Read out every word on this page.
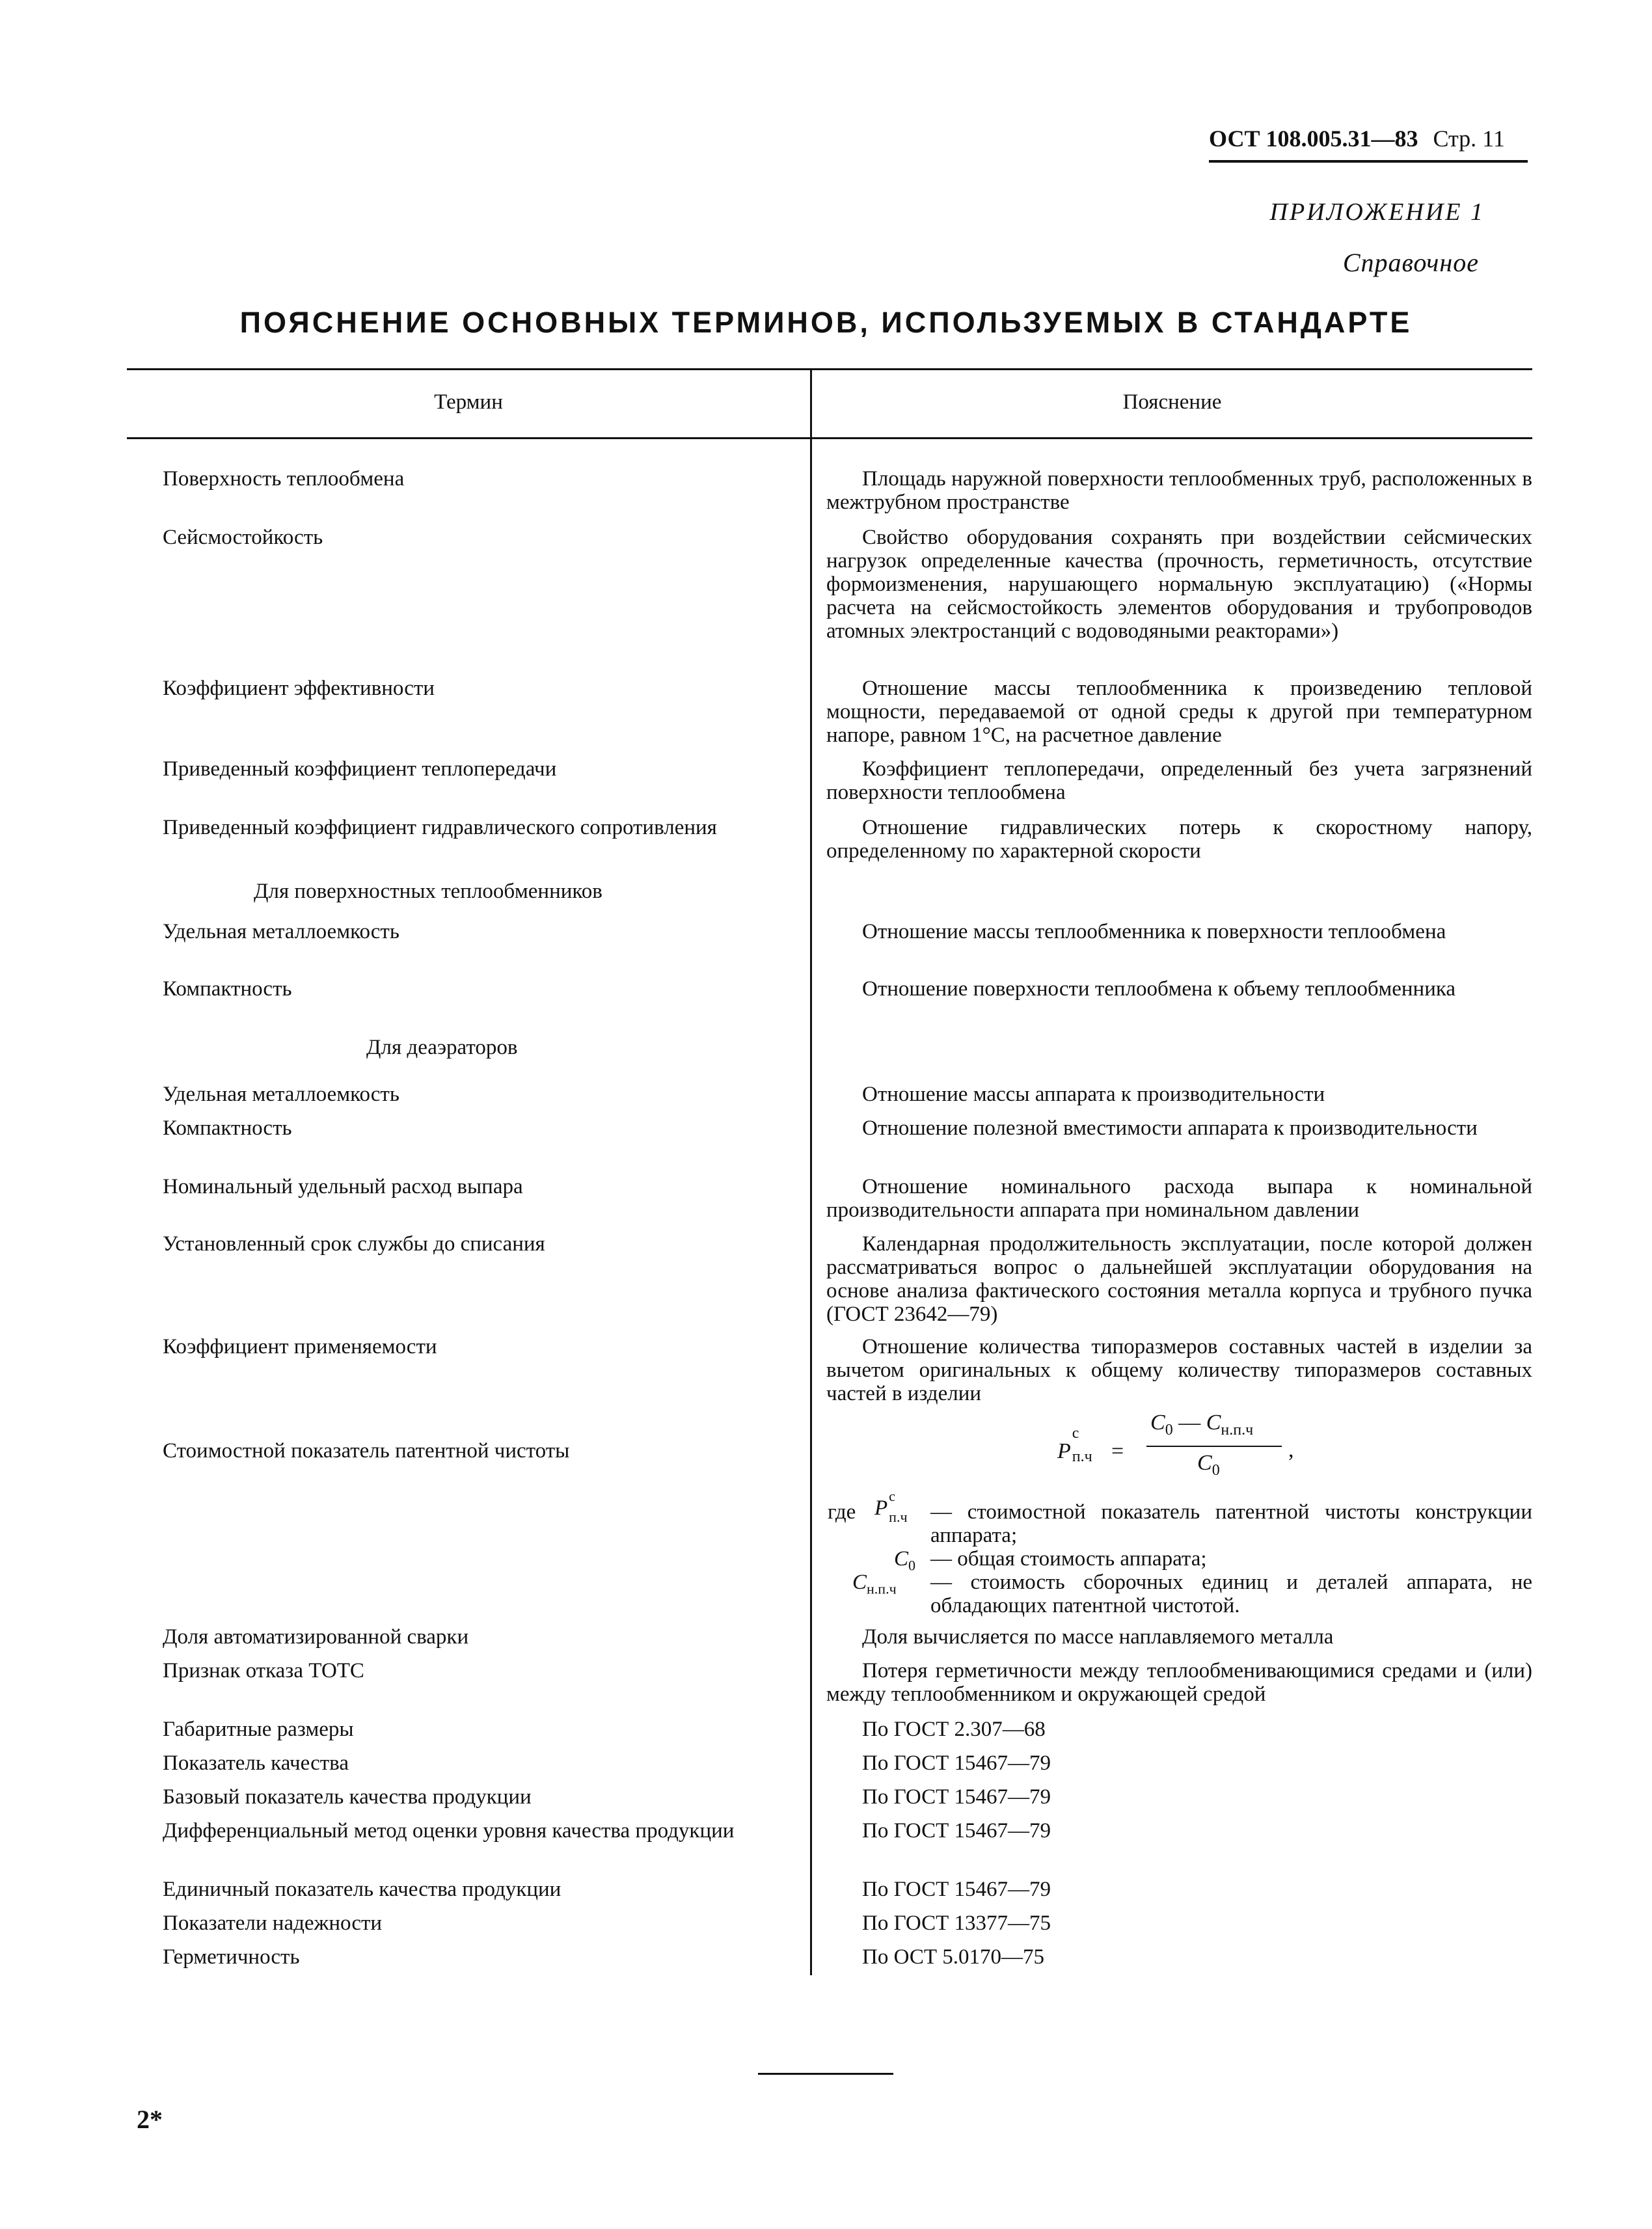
ОСТ 108.005.31—83 Стр. 11
ПРИЛОЖЕНИЕ 1
Справочное
ПОЯСНЕНИЕ ОСНОВНЫХ ТЕРМИНОВ, ИСПОЛЬЗУЕМЫХ В СТАНДАРТЕ
Термин	Пояснение
Поверхность теплообмена	Площадь наружной поверхности теплообменных труб, расположенных в межтрубном пространстве
Сейсмостойкость	Свойство оборудования сохранять при воздействии сейсмических нагрузок определенные качества (прочность, герметичность, отсутствие формоизменения, нарушающего нормальную эксплуатацию) («Нормы расчета на сейсмостойкость элементов оборудования и трубопроводов атомных электростанций с водоводяными реакторами»)
Коэффициент эффективности	Отношение массы теплообменника к произведению тепловой мощности, передаваемой от одной среды к другой при температурном напоре, равном 1°С, на расчетное давление
Приведенный коэффициент теплопередачи	Коэффициент теплопередачи, определенный без учета загрязнений поверхности теплообмена
Приведенный коэффициент гидравлического сопротивления	Отношение гидравлических потерь к скоростному напору, определенному по характерной скорости
Для поверхностных теплообменников
Удельная металлоемкость	Отношение массы теплообменника к поверхности теплообмена
Компактность	Отношение поверхности теплообмена к объему теплообменника
Для деаэраторов
Удельная металлоемкость	Отношение массы аппарата к производительности
Компактность	Отношение полезной вместимости аппарата к производительности
Номинальный удельный расход выпара	Отношение номинального расхода выпара к номинальной производительности аппарата при номинальном давлении
Установленный срок службы до списания	Календарная продолжительность эксплуатации, после которой должен рассматриваться вопрос о дальнейшей эксплуатации оборудования на основе анализа фактического состояния металла корпуса и трубного пучка (ГОСТ 23642—79)
Коэффициент применяемости	Отношение количества типоразмеров составных частей в изделии за вычетом оригинальных к общему количеству типоразмеров составных частей в изделии
Стоимостной показатель патентной чистоты	P
с
п.ч =
$C_0$ — $C_{н.п.ч}$
$C_0$
,
где P
с
п.ч — стоимостной показатель патентной чистоты конструкции аппарата;
$C_0$ — общая стоимость аппарата;
$C_{н.п.ч}$ — стоимость сборочных единиц и деталей аппарата, не обладающих патентной чистотой.
Доля автоматизированной сварки	Доля вычисляется по массе наплавляемого металла
Признак отказа ТОТС	Потеря герметичности между теплообменивающимися средами и (или) между теплообменником и окружающей средой
Габаритные размеры	По ГОСТ 2.307—68
Показатель качества	По ГОСТ 15467—79
Базовый показатель качества продукции	По ГОСТ 15467—79
Дифференциальный метод оценки уровня качества продукции	По ГОСТ 15467—79
Единичный показатель качества продукции	По ГОСТ 15467—79
Показатели надежности	По ГОСТ 13377—75
Герметичность	По ОСТ 5.0170—75
2*
